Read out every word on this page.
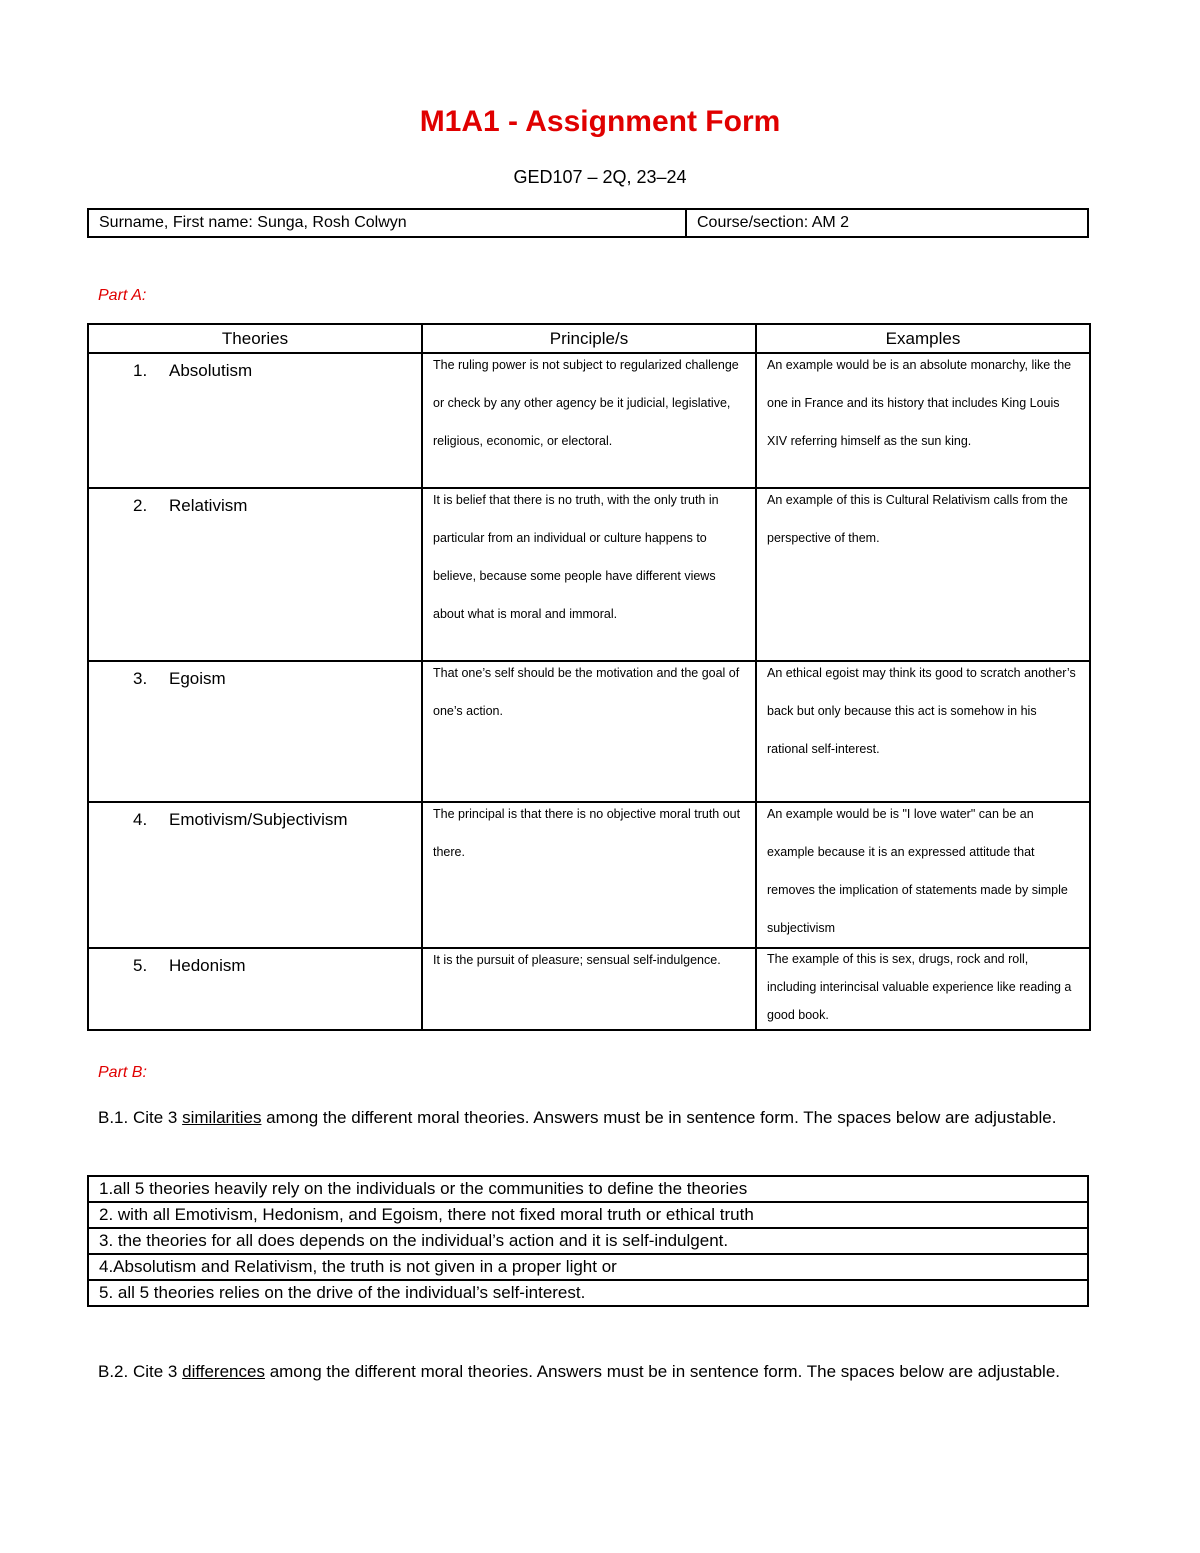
M1A1 - Assignment Form
GED107 – 2Q, 23–24
Surname, First name: Sunga, Rosh Colwyn	Course/section: AM 2
Part A:
Theories	Principle/s	Examples

1. Absolutism	The ruling power is not subject to regularized challenge or check by any other agency be it judicial, legislative, religious, economic, or electoral.	An example would be is an absolute monarchy, like the one in France and its history that includes King Louis XIV referring himself as the sun king.

2. Relativism	It is belief that there is no truth, with the only truth in particular from an individual or culture happens to believe, because some people have different views about what is moral and immoral.	An example of this is Cultural Relativism calls from the perspective of them.

3. Egoism	That one’s self should be the motivation and the goal of one’s action.	An ethical egoist may think its good to scratch another’s back but only because this act is somehow in his rational self-interest.

4. Emotivism/Subjectivism	The principal is that there is no objective moral truth out there.	An example would be is "I love water" can be an example because it is an expressed attitude that removes the implication of statements made by simple subjectivism

5. Hedonism	It is the pursuit of pleasure; sensual self-indulgence.	The example of this is sex, drugs, rock and roll, including interincisal valuable experience like reading a good book.
Part B:
B.1. Cite 3 similarities among the different moral theories. Answers must be in sentence form. The spaces below are adjustable.
1.all 5 theories heavily rely on the individuals or the communities to define the theories
2. with all Emotivism, Hedonism, and Egoism, there not fixed moral truth or ethical truth
3. the theories for all does depends on the individual’s action and it is self-indulgent.
4.Absolutism and Relativism, the truth is not given in a proper light or
5. all 5 theories relies on the drive of the individual’s self-interest.
B.2. Cite 3 differences among the different moral theories. Answers must be in sentence form. The spaces below are adjustable.
